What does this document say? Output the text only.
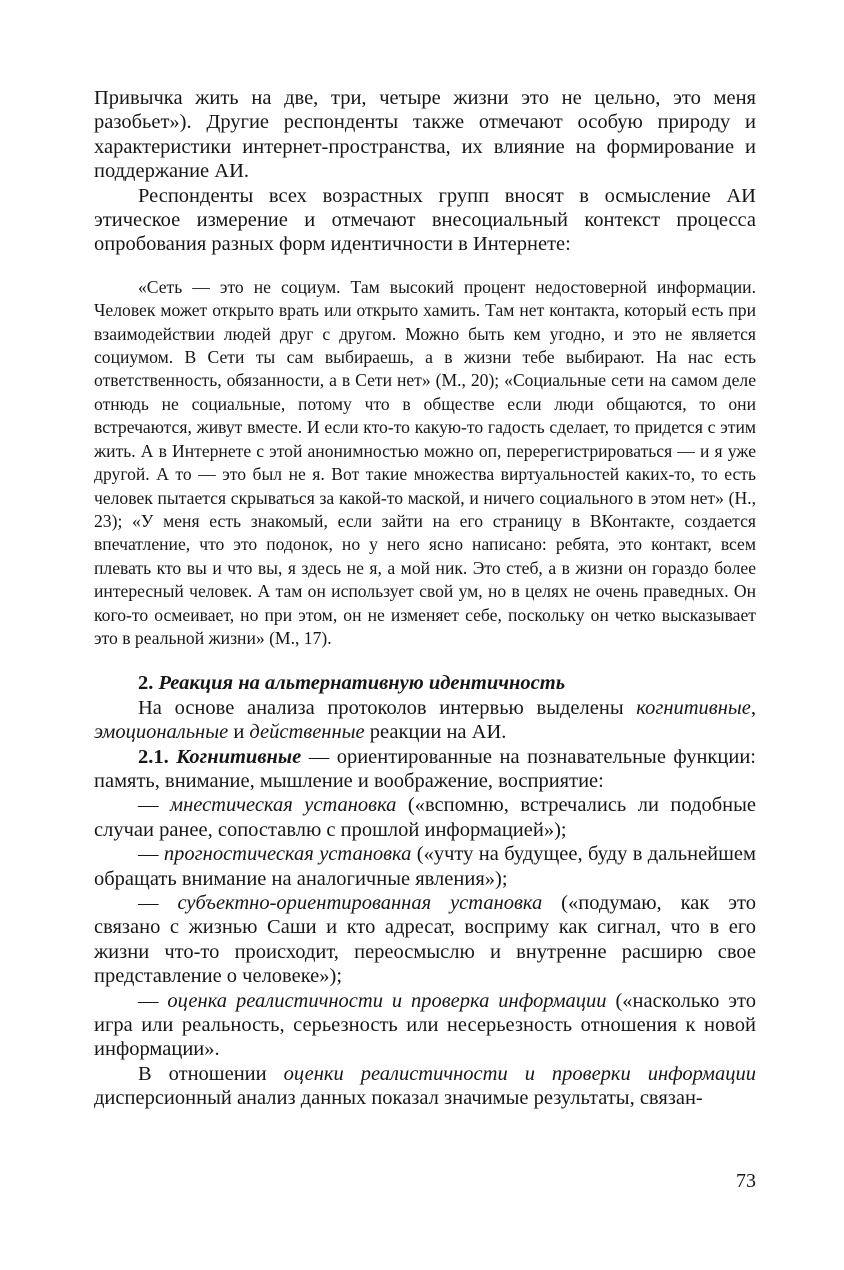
Привычка жить на две, три, четыре жизни это не цельно, это меня разобьет»). Другие респонденты также отмечают особую природу и характеристики интернет-пространства, их влияние на формирование и поддержание АИ.

Респонденты всех возрастных групп вносят в осмысление АИ этическое измерение и отмечают внесоциальный контекст процесса опробования разных форм идентичности в Интернете:

«Сеть — это не социум. Там высокий процент недостоверной информации. Человек может открыто врать или открыто хамить. Там нет контакта, который есть при взаимодействии людей друг с другом. Можно быть кем угодно, и это не является социумом. В Сети ты сам выбираешь, а в жизни тебе выбирают. На нас есть ответственность, обязанности, а в Сети нет» (М., 20); «Социальные сети на самом деле отнюдь не социальные, потому что в обществе если люди общаются, то они встречаются, живут вместе. И если кто-то какую-то гадость сделает, то придется с этим жить. А в Интернете с этой анонимностью можно оп, перерегистрироваться — и я уже другой. А то — это был не я. Вот такие множества виртуальностей каких-то, то есть человек пытается скрываться за какой-то маской, и ничего социального в этом нет» (Н., 23); «У меня есть знакомый, если зайти на его страницу в ВКонтакте, создается впечатление, что это подонок, но у него ясно написано: ребята, это контакт, всем плевать кто вы и что вы, я здесь не я, а мой ник. Это стеб, а в жизни он гораздо более интересный человек. А там он использует свой ум, но в целях не очень праведных. Он кого-то осмеивает, но при этом, он не изменяет себе, поскольку он четко высказывает это в реальной жизни» (М., 17).

2. Реакция на альтернативную идентичность

На основе анализа протоколов интервью выделены когнитивные, эмоциональные и действенные реакции на АИ.

2.1. Когнитивные — ориентированные на познавательные функции: память, внимание, мышление и воображение, восприятие:

— мнестическая установка («вспомню, встречались ли подобные случаи ранее, сопоставлю с прошлой информацией»);

— прогностическая установка («учту на будущее, буду в дальнейшем обращать внимание на аналогичные явления»);

— субъектно-ориентированная установка («подумаю, как это связано с жизнью Саши и кто адресат, восприму как сигнал, что в его жизни что-то происходит, переосмыслю и внутренне расширю свое представление о человеке»);

— оценка реалистичности и проверка информации («насколько это игра или реальность, серьезность или несерьезность отношения к новой информации».

В отношении оценки реалистичности и проверки информации дисперсионный анализ данных показал значимые результаты, связан-

73
